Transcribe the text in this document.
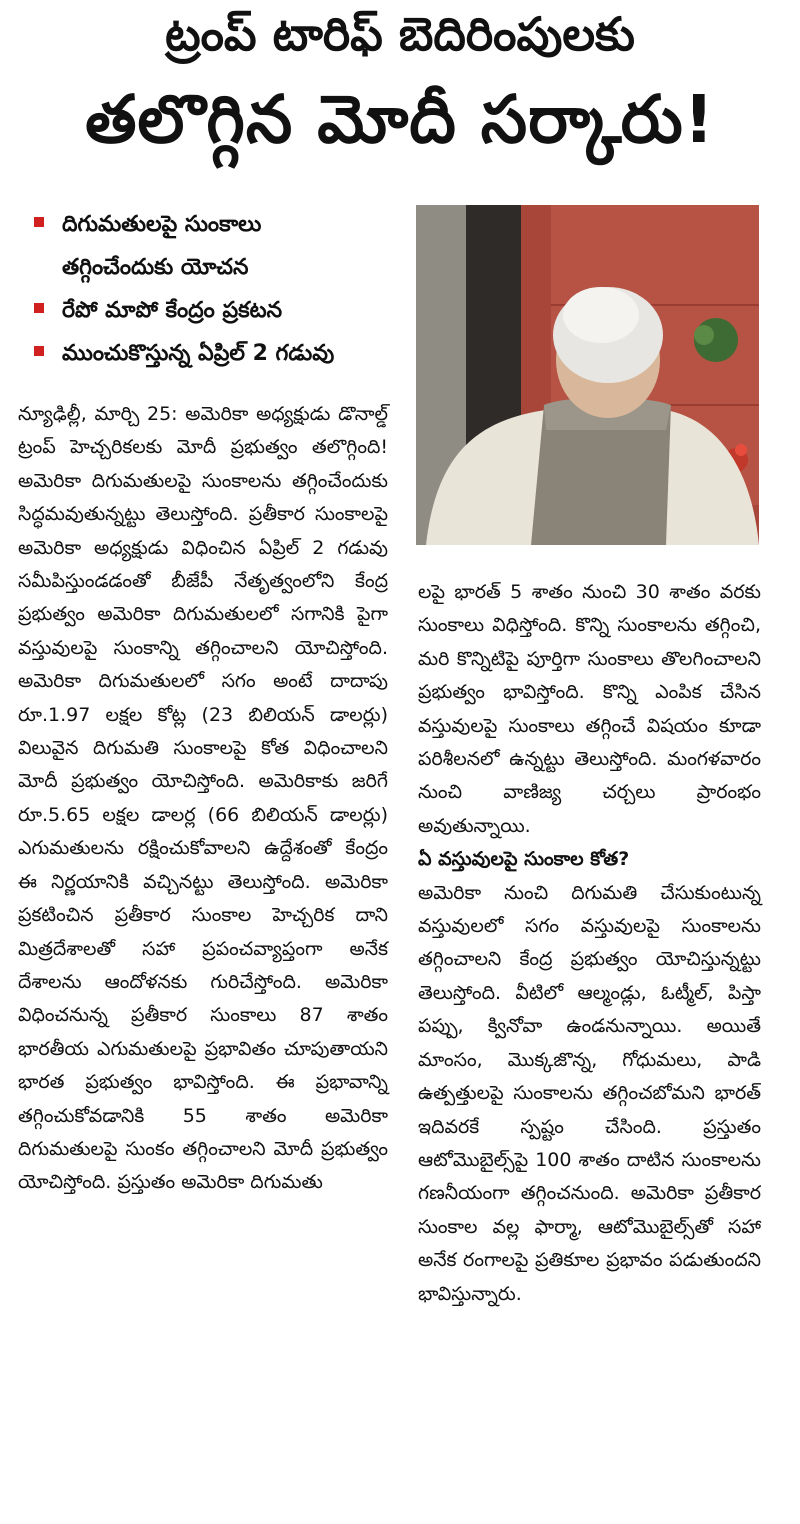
ట్రంప్ టారిఫ్ బెదిరింపులకు
తలొగ్గిన మోదీ సర్కారు!
దిగుమతులపై సుంకాలు
తగ్గించేందుకు యోచన
రేపో మాపో కేంద్రం ప్రకటన
ముంచుకొస్తున్న ఏప్రిల్ 2 గడువు

న్యూఢిల్లీ, మార్చి 25: అమెరికా అధ్యక్షుడు డొనాల్డ్ ట్రంప్ హెచ్చరికలకు మోదీ ప్రభుత్వం తలొగ్గింది! అమెరికా దిగుమతులపై సుంకాలను తగ్గించేందుకు సిద్ధమవుతున్నట్టు తెలుస్తోంది. ప్రతీకార సుంకాలపై అమెరికా అధ్యక్షుడు విధించిన ఏప్రిల్ 2 గడువు సమీపిస్తుండడంతో బీజేపీ నేతృత్వంలోని కేంద్ర ప్రభుత్వం అమెరికా దిగుమతులలో సగానికి పైగా వస్తువులపై సుంకాన్ని తగ్గించాలని యోచిస్తోంది. అమెరికా దిగుమతులలో సగం అంటే దాదాపు రూ.1.97 లక్షల కోట్ల (23 బిలియన్ డాలర్లు) విలువైన దిగుమతి సుంకాలపై కోత విధించాలని మోదీ ప్రభుత్వం యోచిస్తోంది. అమెరికాకు జరిగే రూ.5.65 లక్షల డాలర్ల (66 బిలియన్ డాలర్లు) ఎగుమతులను రక్షించుకోవాలని ఉద్దేశంతో కేంద్రం ఈ నిర్ణయానికి వచ్చినట్టు తెలుస్తోంది. అమెరికా ప్రకటించిన ప్రతీకార సుంకాల హెచ్చరిక దాని మిత్రదేశాలతో సహా ప్రపంచవ్యాప్తంగా అనేక దేశాలను ఆందోళనకు గురిచేస్తోంది. అమెరికా విధించనున్న ప్రతీకార సుంకాలు 87 శాతం భారతీయ ఎగుమతులపై ప్రభావితం చూపుతాయని భారత ప్రభుత్వం భావిస్తోంది. ఈ ప్రభావాన్ని తగ్గించుకోవడానికి 55 శాతం అమెరికా దిగుమతులపై సుంకం తగ్గించాలని మోదీ ప్రభుత్వం యోచిస్తోంది. ప్రస్తుతం అమెరికా దిగుమతు

లపై భారత్ 5 శాతం నుంచి 30 శాతం వరకు సుంకాలు విధిస్తోంది. కొన్ని సుంకాలను తగ్గించి, మరి కొన్నిటిపై పూర్తిగా సుంకాలు తొలగించాలని ప్రభుత్వం భావిస్తోంది. కొన్ని ఎంపిక చేసిన వస్తువులపై సుంకాలు తగ్గించే విషయం కూడా పరిశీలనలో ఉన్నట్టు తెలుస్తోంది. మంగళవారం నుంచి వాణిజ్య చర్చలు ప్రారంభం అవుతున్నాయి.

ఏ వస్తువులపై సుంకాల కోత?

అమెరికా నుంచి దిగుమతి చేసుకుంటున్న వస్తువులలో సగం వస్తువులపై సుంకాలను తగ్గించాలని కేంద్ర ప్రభుత్వం యోచిస్తున్నట్టు తెలుస్తోంది. వీటిలో ఆల్మండ్లు, ఓట్మీల్, పిస్తా పప్పు, క్వినోవా ఉండనున్నాయి. అయితే మాంసం, మొక్కజొన్న, గోధుమలు, పాడి ఉత్పత్తులపై సుంకాలను తగ్గించబోమని భారత్ ఇదివరకే స్పష్టం చేసింది. ప్రస్తుతం ఆటోమొబైల్స్‌పై 100 శాతం దాటిన సుంకాలను గణనీయంగా తగ్గించనుంది. అమెరికా ప్రతీకార సుంకాల వల్ల ఫార్మా, ఆటోమొబైల్స్‌తో సహా అనేక రంగాలపై ప్రతికూల ప్రభావం పడుతుందని భావిస్తున్నారు.
